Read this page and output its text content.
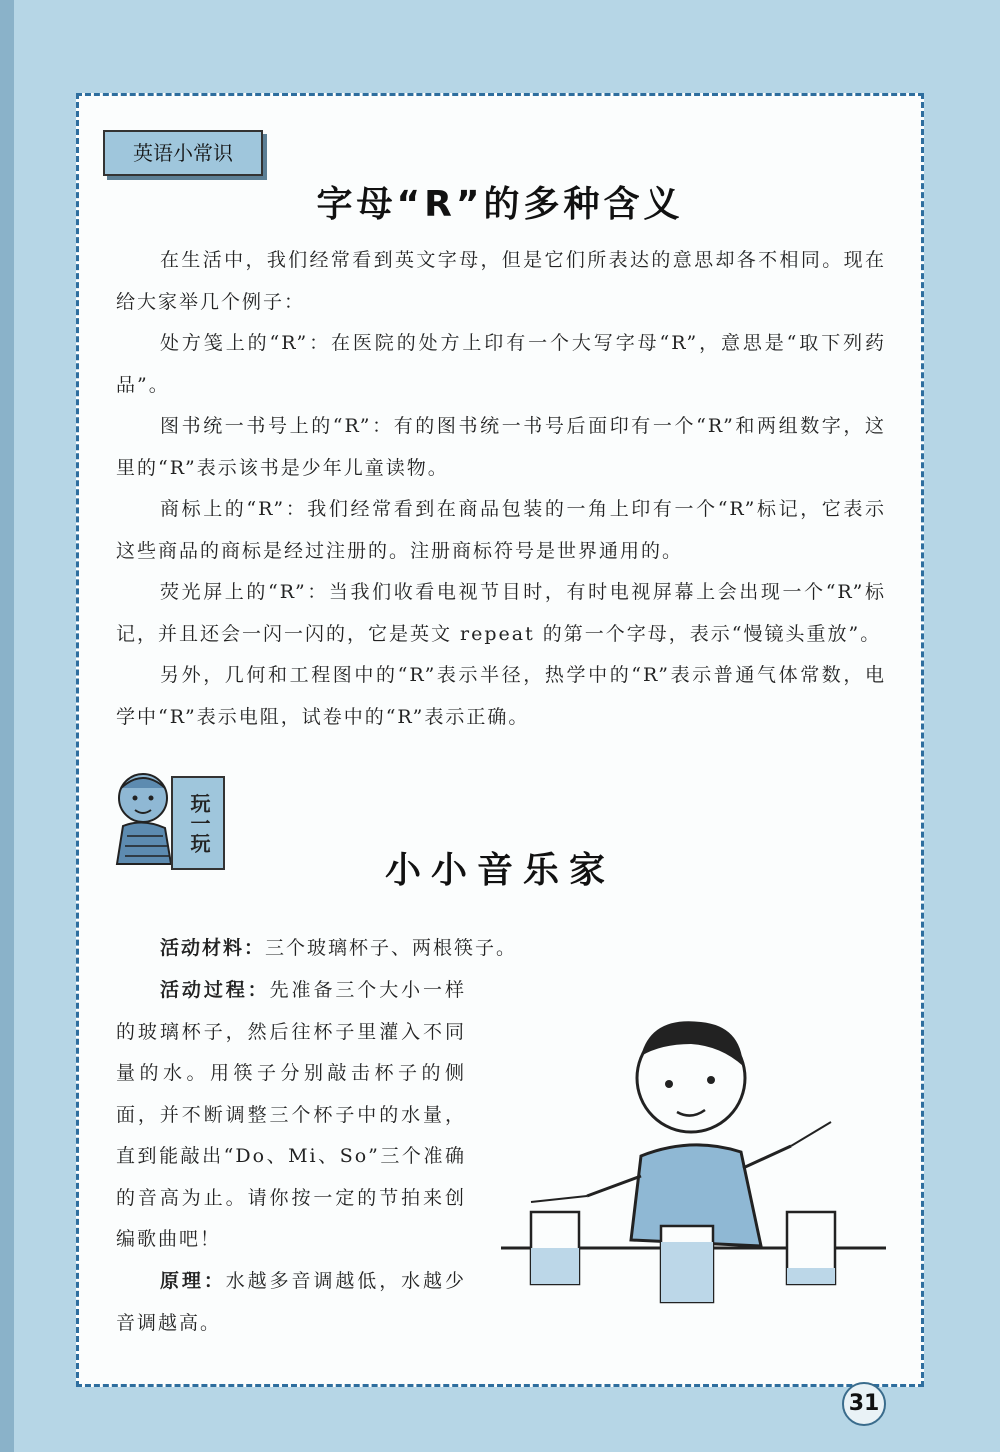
英语小常识
字母“R”的多种含义

在生活中，我们经常看到英文字母，但是它们所表达的意思却各不相同。现在给大家举几个例子：

处方笺上的“R”：在医院的处方上印有一个大写字母“R”，意思是“取下列药品”。

图书统一书号上的“R”：有的图书统一书号后面印有一个“R”和两组数字，这里的“R”表示该书是少年儿童读物。

商标上的“R”：我们经常看到在商品包装的一角上印有一个“R”标记，它表示这些商品的商标是经过注册的。注册商标符号是世界通用的。

荧光屏上的“R”：当我们收看电视节目时，有时电视屏幕上会出现一个“R”标记，并且还会一闪一闪的，它是英文 repeat 的第一个字母，表示“慢镜头重放”。

另外，几何和工程图中的“R”表示半径，热学中的“R”表示普通气体常数，电学中“R”表示电阻，试卷中的“R”表示正确。

玩一玩
小小音乐家

活动材料：三个玻璃杯子、两根筷子。

活动过程：先准备三个大小一样的玻璃杯子，然后往杯子里灌入不同量的水。用筷子分别敲击杯子的侧面，并不断调整三个杯子中的水量，直到能敲出“Do、Mi、So”三个准确的音高为止。请你按一定的节拍来创编歌曲吧！

原理：水越多音调越低，水越少音调越高。

31
